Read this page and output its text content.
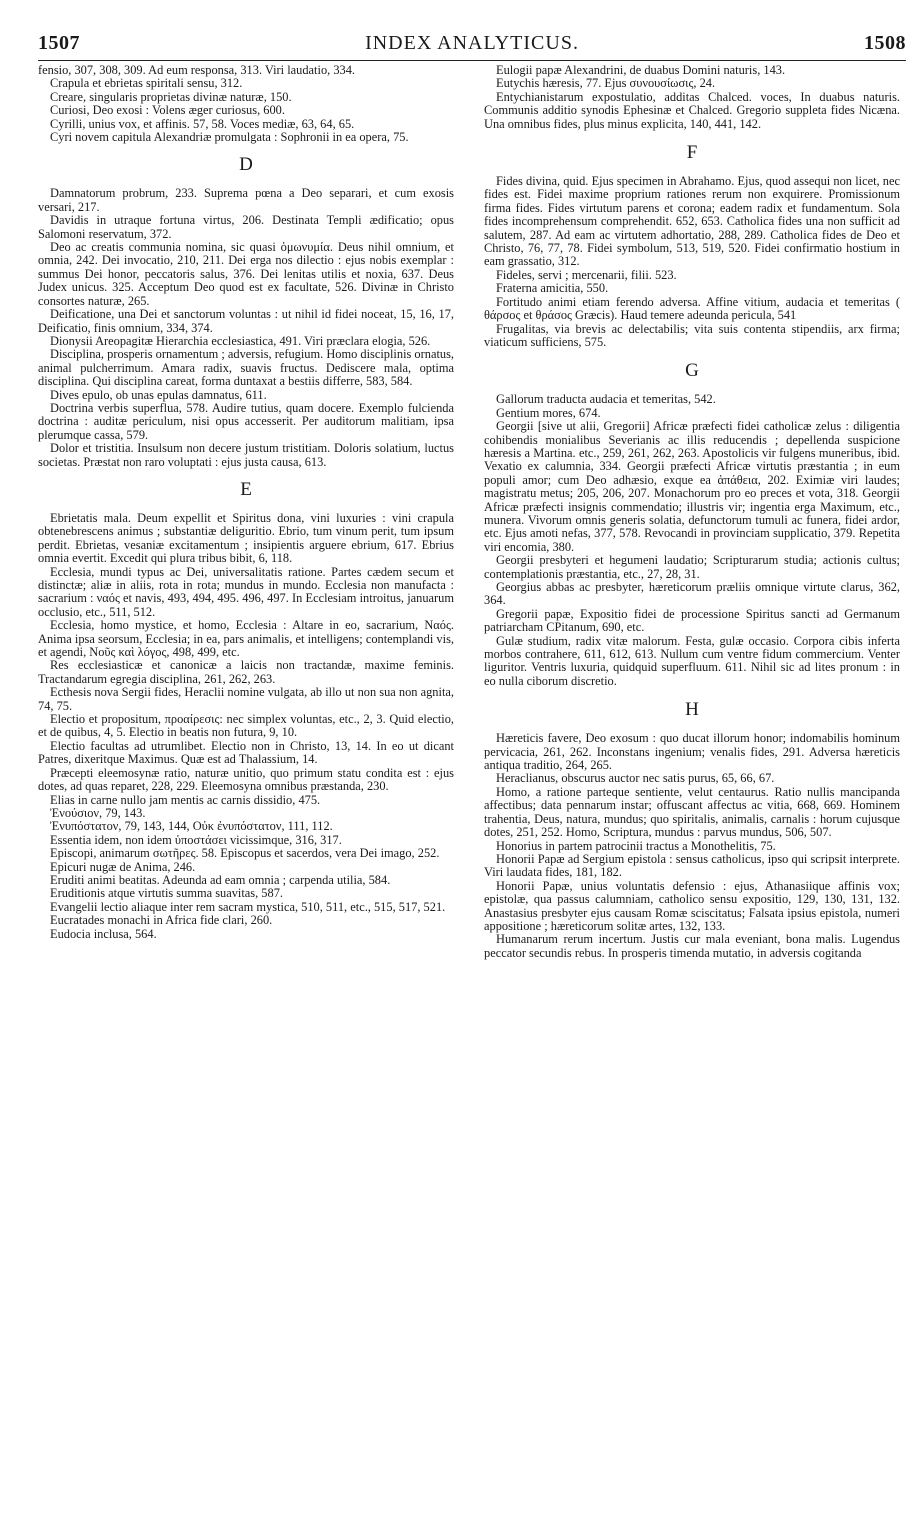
1507	INDEX ANALYTICUS.	1508

fensio, 307, 308, 309. Ad eum responsa, 313. Viri laudatio, 334.

Crapula et ebrietas spiritali sensu, 312.

Creare, singularis proprietas divinæ naturæ, 150.

Curiosi, Deo exosi : Volens æger curiosus, 600.

Cyrilli, unius vox, et affinis. 57, 58. Voces mediæ, 63, 64, 65.

Cyri novem capitula Alexandriæ promulgata : Sophronii in ea opera, 75.

D

Damnatorum probrum, 233. Suprema pœna a Deo separari, et cum exosis versari, 217.

Davidis in utraque fortuna virtus, 206. Destinata Templi ædificatio; opus Salomoni reservatum, 372.

Deo ac creatis communia nomina, sic quasi ὁμωνυμία. Deus nihil omnium, et omnia, 242. Dei invocatio, 210, 211. Dei erga nos dilectio : ejus nobis exemplar : summus Dei honor, peccatoris salus, 376. Dei lenitas utilis et noxia, 637. Deus Judex unicus. 325. Acceptum Deo quod est ex facultate, 526. Divinæ in Christo consortes naturæ, 265.

Deificatione, una Dei et sanctorum voluntas : ut nihil id fidei noceat, 15, 16, 17, Deificatio, finis omnium, 334, 374.

Dionysii Areopagitæ Hierarchia ecclesiastica, 491. Viri præclara elogia, 526.

Disciplina, prosperis ornamentum ; adversis, refugium. Homo disciplinis ornatus, animal pulcherrimum. Amara radix, suavis fructus. Dediscere mala, optima disciplina. Qui disciplina careat, forma duntaxat a bestiis differre, 583, 584.

Dives epulo, ob unas epulas damnatus, 611.

Doctrina verbis superflua, 578. Audire tutius, quam docere. Exemplo fulcienda doctrina : auditæ periculum, nisi opus accesserit. Per auditorum malitiam, ipsa plerumque cassa, 579.

Dolor et tristitia. Insulsum non decere justum tristitiam. Doloris solatium, luctus societas. Præstat non raro voluptati : ejus justa causa, 613.

E

Ebrietatis mala. Deum expellit et Spiritus dona, vini luxuries : vini crapula obtenebrescens animus ; substantiæ deliguritio. Ebrio, tum vinum perit, tum ipsum perdit. Ebrietas, vesaniæ excitamentum ; insipientis arguere ebrium, 617. Ebrius omnia evertit. Excedit qui plura tribus bibit, 6, 118.

Ecclesia, mundi typus ac Dei, universalitatis ratione. Partes cædem secum et distinctæ; aliæ in aliis, rota in rota; mundus in mundo. Ecclesia non manufacta : sacrarium : ναός et navis, 493, 494, 495. 496, 497. In Ecclesiam introitus, januarum occlusio, etc., 511, 512.

Ecclesia, homo mystice, et homo, Ecclesia : Altare in eo, sacrarium, Ναός. Anima ipsa seorsum, Ecclesia; in ea, pars animalis, et intelligens; contemplandi vis, et agendi, Νοῦς καὶ λόγος, 498, 499, etc.

Res ecclesiasticæ et canonicæ a laicis non tractandæ, maxime feminis. Tractandarum egregia disciplina, 261, 262, 263.

Ecthesis nova Sergii fides, Heraclii nomine vulgata, ab illo ut non sua non agnita, 74, 75.

Electio et propositum, προαίρεσις: nec simplex voluntas, etc., 2, 3. Quid electio, et de quibus, 4, 5. Electio in beatis non futura, 9, 10.

Electio facultas ad utrumlibet. Electio non in Christo, 13, 14. In eo ut dicant Patres, dixeritque Maximus. Quæ est ad Thalassium, 14.

Præcepti eleemosynæ ratio, naturæ unitio, quo primum statu condita est : ejus dotes, ad quas reparet, 228, 229. Eleemosyna omnibus præstanda, 230.

Elias in carne nullo jam mentis ac carnis dissidio, 475.

Ἐνούσιον, 79, 143.

Ἐνυπόστατον, 79, 143, 144, Οὐκ ἐνυπόστατον, 111, 112.

Essentia idem, non idem ὑποστάσει vicissimque, 316, 317.

Episcopi, animarum σωτῆρες. 58. Episcopus et sacerdos, vera Dei imago, 252.

Epicuri nugæ de Anima, 246.

Eruditi animi beatitas. Adeunda ad eam omnia ; carpenda utilia, 584.

Eruditionis atque virtutis summa suavitas, 587.

Evangelii lectio aliaque inter rem sacram mystica, 510, 511, etc., 515, 517, 521.

Eucratades monachi in Africa fide clari, 260.

Eudocia inclusa, 564.

Eulogii papæ Alexandrini, de duabus Domini naturis, 143.

Eutychis hæresis, 77. Ejus συνουσίωσις, 24.

Entychianistarum expostulatio, additas Chalced. voces, In duabus naturis. Communis additio synodis Ephesinæ et Chalced. Gregorio suppleta fides Nicæna. Una omnibus fides, plus minus explicita, 140, 441, 142.

F

Fides divina, quid. Ejus specimen in Abrahamo. Ejus, quod assequi non licet, nec fides est. Fidei maxime proprium rationes rerum non exquirere. Promissionum firma fides. Fides virtutum parens et corona; eadem radix et fundamentum. Sola fides incomprehensum comprehendit. 652, 653. Catholica fides una non sufficit ad salutem, 287. Ad eam ac virtutem adhortatio, 288, 289. Catholica fides de Deo et Christo, 76, 77, 78. Fidei symbolum, 513, 519, 520. Fidei confirmatio hostium in eam grassatio, 312.

Fideles, servi ; mercenarii, filii. 523.

Fraterna amicitia, 550.

Fortitudo animi etiam ferendo adversa. Affine vitium, audacia et temeritas ( θάρσος et θράσος Græcis). Haud temere adeunda pericula, 541

Frugalitas, via brevis ac delectabilis; vita suis contenta stipendiis, arx firma; viaticum sufficiens, 575.

G

Gallorum traducta audacia et temeritas, 542.

Gentium mores, 674.

Georgii [sive ut alii, Gregorii] Africæ præfecti fidei catholicæ zelus : diligentia cohibendis monialibus Severianis ac illis reducendis ; depellenda suspicione hæresis a Martina. etc., 259, 261, 262, 263. Apostolicis vir fulgens muneribus, ibid. Vexatio ex calumnia, 334. Georgii præfecti Africæ virtutis præstantia ; in eum populi amor; cum Deo adhæsio, exque ea ἀπάθεια, 202. Eximiæ viri laudes; magistratu metus; 205, 206, 207. Monachorum pro eo preces et vota, 318. Georgii Africæ præfecti insignis commendatio; illustris vir; ingentia erga Maximum, etc., munera. Vivorum omnis generis solatia, defunctorum tumuli ac funera, fidei ardor, etc. Ejus amoti nefas, 377, 578. Revocandi in provinciam supplicatio, 379. Repetita viri encomia, 380.

Georgii presbyteri et hegumeni laudatio; Scripturarum studia; actionis cultus; contemplationis præstantia, etc., 27, 28, 31.

Georgius abbas ac presbyter, hæreticorum præliis omnique virtute clarus, 362, 364.

Gregorii papæ, Expositio fidei de processione Spiritus sancti ad Germanum patriarcham CPitanum, 690, etc.

Gulæ studium, radix vitæ malorum. Festa, gulæ occasio. Corpora cibis inferta morbos contrahere, 611, 612, 613. Nullum cum ventre fidum commercium. Venter liguritor. Ventris luxuria, quidquid superfluum. 611. Nihil sic ad lites pronum : in eo nulla ciborum discretio.

H

Hæreticis favere, Deo exosum : quo ducat illorum honor; indomabilis hominum pervicacia, 261, 262. Inconstans ingenium; venalis fides, 291. Adversa hæreticis antiqua traditio, 264, 265.

Heraclianus, obscurus auctor nec satis purus, 65, 66, 67.

Homo, a ratione parteque sentiente, velut centaurus. Ratio nullis mancipanda affectibus; data pennarum instar; offuscant affectus ac vitia, 668, 669. Hominem trahentia, Deus, natura, mundus; quo spiritalis, animalis, carnalis : horum cujusque dotes, 251, 252. Homo, Scriptura, mundus : parvus mundus, 506, 507.

Honorius in partem patrocinii tractus a Monothelitis, 75.

Honorii Papæ ad Sergium epistola : sensus catholicus, ipso qui scripsit interprete. Viri laudata fides, 181, 182.

Honorii Papæ, unius voluntatis defensio : ejus, Athanasiique affinis vox; epistolæ, qua passus calumniam, catholico sensu expositio, 129, 130, 131, 132. Anastasius presbyter ejus causam Romæ sciscitatus; Falsata ipsius epistola, numeri appositione ; hæreticorum solitæ artes, 132, 133.

Humanarum rerum incertum. Justis cur mala eveniant, bona malis. Lugendus peccator secundis rebus. In prosperis timenda mutatio, in adversis cogitanda
